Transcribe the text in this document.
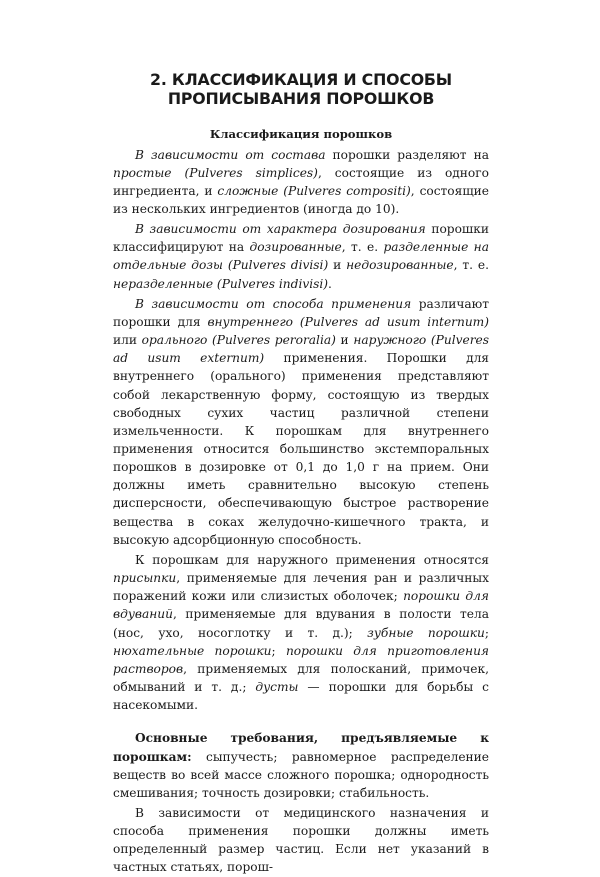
2. КЛАССИФИКАЦИЯ И СПОСОБЫ
ПРОПИСЫВАНИЯ ПОРОШКОВ
Классификация порошков

В зависимости от состава порошки разделяют на простые (Pulveres simplices), состоящие из одного ингредиента, и сложные (Pulveres compositi), состоящие из нескольких ингредиентов (иногда до 10).

В зависимости от характера дозирования порошки классифицируют на дозированные, т. е. разделенные на отдельные дозы (Pulveres divisi) и недозированные, т. е. неразделенные (Pulveres indivisi).

В зависимости от способа применения различают порошки для внутреннего (Pulveres ad usum internum) или орального (Pulveres peroralia) и наружного (Pulveres ad usum externum) применения. Порошки для внутреннего (орального) применения представляют собой лекарственную форму, состоящую из твердых свободных сухих частиц различной степени измельченности. К порошкам для внутреннего применения относится большинство экстемпоральных порошков в дозировке от 0,1 до 1,0 г на прием. Они должны иметь сравнительно высокую степень дисперсности, обеспечивающую быстрое растворение вещества в соках желудочно-кишечного тракта, и высокую адсорбционную способность.

К порошкам для наружного применения относятся присыпки, применяемые для лечения ран и различных поражений кожи или слизистых оболочек; порошки для вдуваний, применяемые для вдувания в полости тела (нос, ухо, носоглотку и т. д.); зубные порошки; нюхательные порошки; порошки для приготовления растворов, применяемых для полосканий, примочек, обмываний и т. д.; дусты — порошки для борьбы с насекомыми.

Основные требования, предъявляемые к порошкам: сыпучесть; равномерное распределение веществ во всей массе сложного порошка; однородность смешивания; точность дозировки; стабильность.

В зависимости от медицинского назначения и способа применения порошки должны иметь определенный размер частиц. Если нет указаний в частных статьях, порош-
